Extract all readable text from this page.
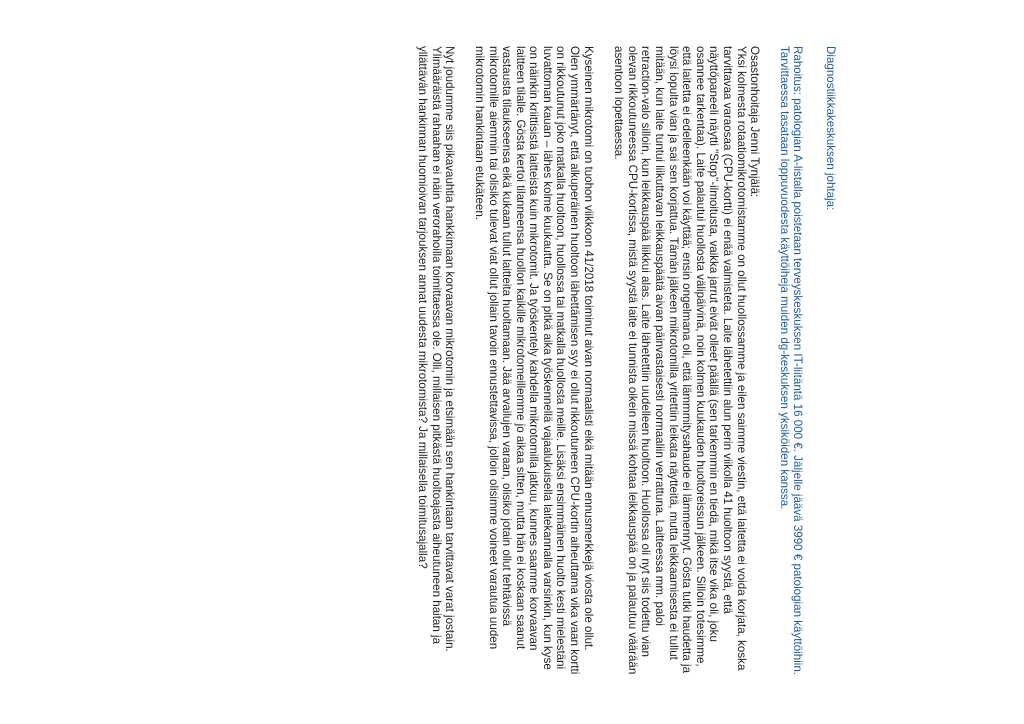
Diagnostiikkakeskuksen johtaja:

Rahoitus: patologian A-listalla poistetaan terveyskeskuksen IT-liitäntä 16 000 €. Jäljelle jäävä 3990 € patologian käyttöihiin. Tarvittaessa tasataan loppuvuodesta käyttöiheja muiden dg-keskuksen yksiköiden kanssa.

Osastonhoitaja Jenni Tynjälä:

Yksi kolmesta rotaatiomikrotomistamme on ollut huollossamme ja eilen saimme viestin, että laitetta ei voida korjata, koska tarvittavaa varaosaa (CPU-kortti) ei enää valmisteta. Laite lähetettiin alun perin viikolla 41 huoltoon syystä, että näyttöpaneeli näytti "Stop"-ilmoitusta, vaikka jarrut eivät olleet päällä (sen tarkemmin en tiedä, mikä itse vika oli, joku osannee tarkentaa). Laite palautui huollosta välipäivinä, noin kolmen kuukauden huoltoreissun jälkeen. Silloin totesimme, että laitetta ei edelleenkään voi käyttää; ensin ongelmana oli, että lämmmitysahaude ei lämmennyt. Gösta tutki haudetta ja löysi lopulta vian ja sai sen korjattua. Tämän jälkeen mikrotomilla yritettiin leikata näytteitä, mutta leikkaamisesta ei tullut mitään, kun laite tuntui liikuttavan leikkauspäätä aivan päinvastaisesti normaaliin verrattuna. Laitteessa mm. paloi retraction-valo silloin, kun leikkauspää liikkui alas. Laite lähetettiin uudelleen huoltoon. Huollossa oli nyt siis todettu vian olevan rikkoutuneessa CPU-kortissa, mistä syystä laite ei tunnista oikein missä kohtaa leikkauspää on ja palautuu väärään asentoon lopettaessa.

Kyseinen mikrotomi on tuohon viikkoon 41/2018 toiminut aivan normaalisti eikä mitään ennusmerkkejä viosta ole ollut. Olen ymmärtänyt, että alkuperäinen huoltoon lähettämisen syy ei ollut rikkoutuneen CPU-kortin aiheuttama vika vaan kortti on rikkoutunut joko matkalla huoltoon, huollossa tai matkalla huollosta meille. Lisäksi ensimmäinen huolto kesti mielestäni luvattoman kauan – lähes kolme kuukautta. Se on pitkä aika työskennellä vajaalukuisella laitekannalla varsinkin, kun kyse on näinkin kriittisistä laitteista kuin mikrotomit. Ja työskentely kahdella mikrotomilla jatkuu, kunnes saamme korvaavan laitteen tilalle. Gösta kertoi tilanneensa huollon kaikille mikrotomeillemme jo aikaa sitten, mutta hän ei koskaan saanut vastausta tilaukseensa eikä kukaan tullut laitteita huoltamaan. Jää arvailujen varaan, olisiko jotain ollut tehtävissä mikrotomille aiemmin tai olisiko tulevat viat ollut jollain tavoin ennustettavissa, jolloin olisimme voineet varautua uuden mikrotomin hankintaan etukäteen.

Nyt joudumme siis pikavauhtia hankkimaan korvaavan mikrotomin ja etsimään sen hankintaan tarvittavat varat jostain. Ylimääräistä rahaahan ei näin verorahoilla toimittaessa ole. Olli, millaisen pitkästä huoltoajasta aiheutuneen haitan ja yllättävän hankinnan huomioivan tarjouksen annat uudesta mikrotomista? Ja millaisella toimitusajalla?
